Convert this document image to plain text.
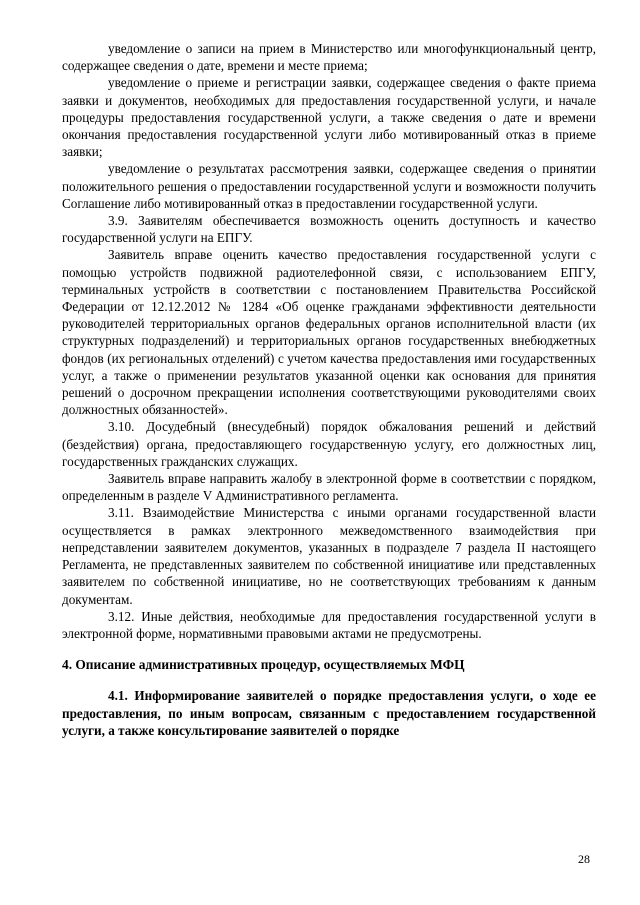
уведомление о записи на прием в Министерство или многофункциональный центр, содержащее сведения о дате, времени и месте приема;

уведомление о приеме и регистрации заявки, содержащее сведения о факте приема заявки и документов, необходимых для предоставления государственной услуги, и начале процедуры предоставления государственной услуги, а также сведения о дате и времени окончания предоставления государственной услуги либо мотивированный отказ в приеме заявки;

уведомление о результатах рассмотрения заявки, содержащее сведения о принятии положительного решения о предоставлении государственной услуги и возможности получить Соглашение либо мотивированный отказ в предоставлении государственной услуги.

3.9. Заявителям обеспечивается возможность оценить доступность и качество государственной услуги на ЕПГУ.

Заявитель вправе оценить качество предоставления государственной услуги с помощью устройств подвижной радиотелефонной связи, с использованием ЕПГУ, терминальных устройств в соответствии с постановлением Правительства Российской Федерации от 12.12.2012 № 1284 «Об оценке гражданами эффективности деятельности руководителей территориальных органов федеральных органов исполнительной власти (их структурных подразделений) и территориальных органов государственных внебюджетных фондов (их региональных отделений) с учетом качества предоставления ими государственных услуг, а также о применении результатов указанной оценки как основания для принятия решений о досрочном прекращении исполнения соответствующими руководителями своих должностных обязанностей».

3.10. Досудебный (внесудебный) порядок обжалования решений и действий (бездействия) органа, предоставляющего государственную услугу, его должностных лиц, государственных гражданских служащих.

Заявитель вправе направить жалобу в электронной форме в соответствии с порядком, определенным в разделе V Административного регламента.

3.11. Взаимодействие Министерства с иными органами государственной власти осуществляется в рамках электронного межведомственного взаимодействия при непредставлении заявителем документов, указанных в подразделе 7 раздела II настоящего Регламента, не представленных заявителем по собственной инициативе или представленных заявителем по собственной инициативе, но не соответствующих требованиям к данным документам.

3.12. Иные действия, необходимые для предоставления государственной услуги в электронной форме, нормативными правовыми актами не предусмотрены.

4. Описание административных процедур, осуществляемых МФЦ

4.1. Информирование заявителей о порядке предоставления услуги, о ходе ее предоставления, по иным вопросам, связанным с предоставлением государственной услуги, а также консультирование заявителей о порядке

28
